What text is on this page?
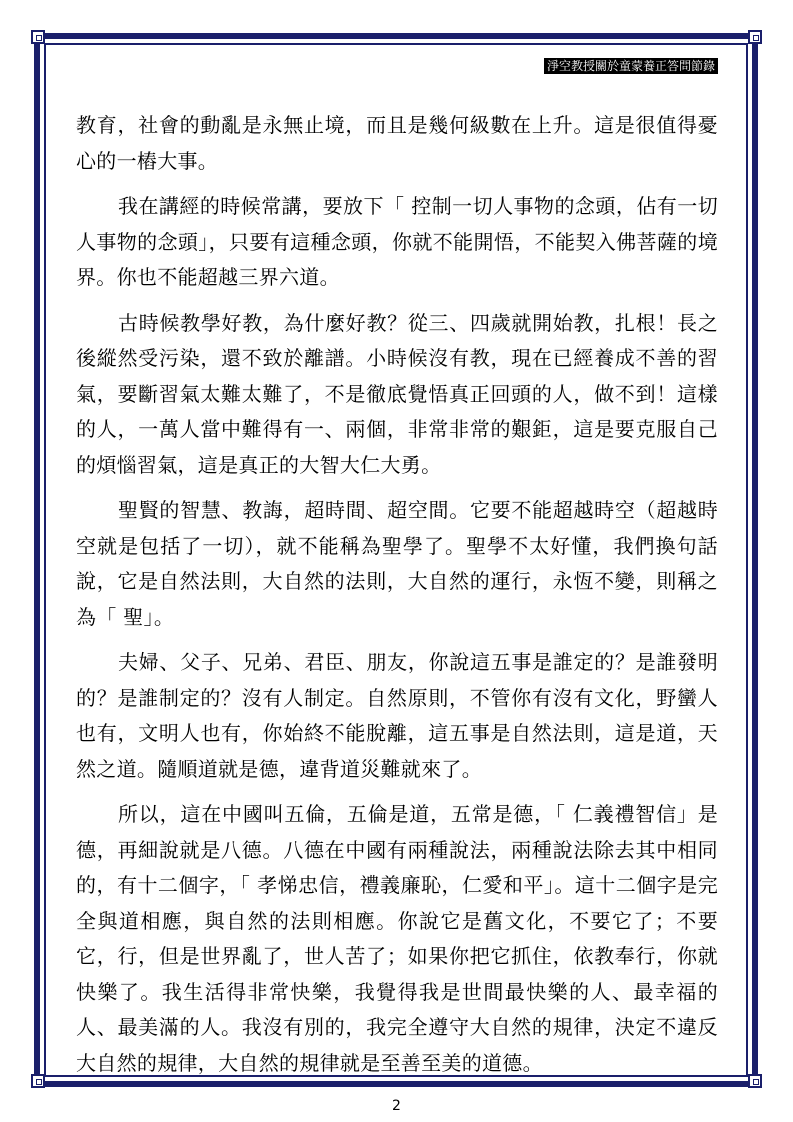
淨空教授關於童蒙養正答問節錄

教育，社會的動亂是永無止境，而且是幾何級數在上升。這是很值得憂心的一樁大事。

我在講經的時候常講，要放下「 控制一切人事物的念頭，佔有一切人事物的念頭」，只要有這種念頭，你就不能開悟，不能契入佛菩薩的境界。你也不能超越三界六道。

古時候教學好教，為什麼好教？從三、四歲就開始教，扎根！長之後縱然受污染，還不致於離譜。小時候沒有教，現在已經養成不善的習氣，要斷習氣太難太難了，不是徹底覺悟真正回頭的人，做不到！這樣的人，一萬人當中難得有一、兩個，非常非常的艱鉅，這是要克服自己的煩惱習氣，這是真正的大智大仁大勇。

聖賢的智慧、教誨，超時間、超空間。它要不能超越時空（超越時空就是包括了一切），就不能稱為聖學了。聖學不太好懂，我們換句話說，它是自然法則，大自然的法則，大自然的運行，永恆不變，則稱之為「 聖」。

夫婦、父子、兄弟、君臣、朋友，你說這五事是誰定的？是誰發明的？是誰制定的？沒有人制定。自然原則，不管你有沒有文化，野蠻人也有，文明人也有，你始終不能脫離，這五事是自然法則，這是道，天然之道。隨順道就是德，違背道災難就來了。

所以，這在中國叫五倫，五倫是道，五常是德，「 仁義禮智信」是德，再細說就是八德。八德在中國有兩種說法，兩種說法除去其中相同的，有十二個字，「 孝悌忠信，禮義廉恥，仁愛和平」。這十二個字是完全與道相應，與自然的法則相應。你說它是舊文化，不要它了；不要它，行，但是世界亂了，世人苦了；如果你把它抓住，依教奉行，你就快樂了。我生活得非常快樂，我覺得我是世間最快樂的人、最幸福的人、最美滿的人。我沒有別的，我完全遵守大自然的規律，決定不違反大自然的規律，大自然的規律就是至善至美的道德。

2
